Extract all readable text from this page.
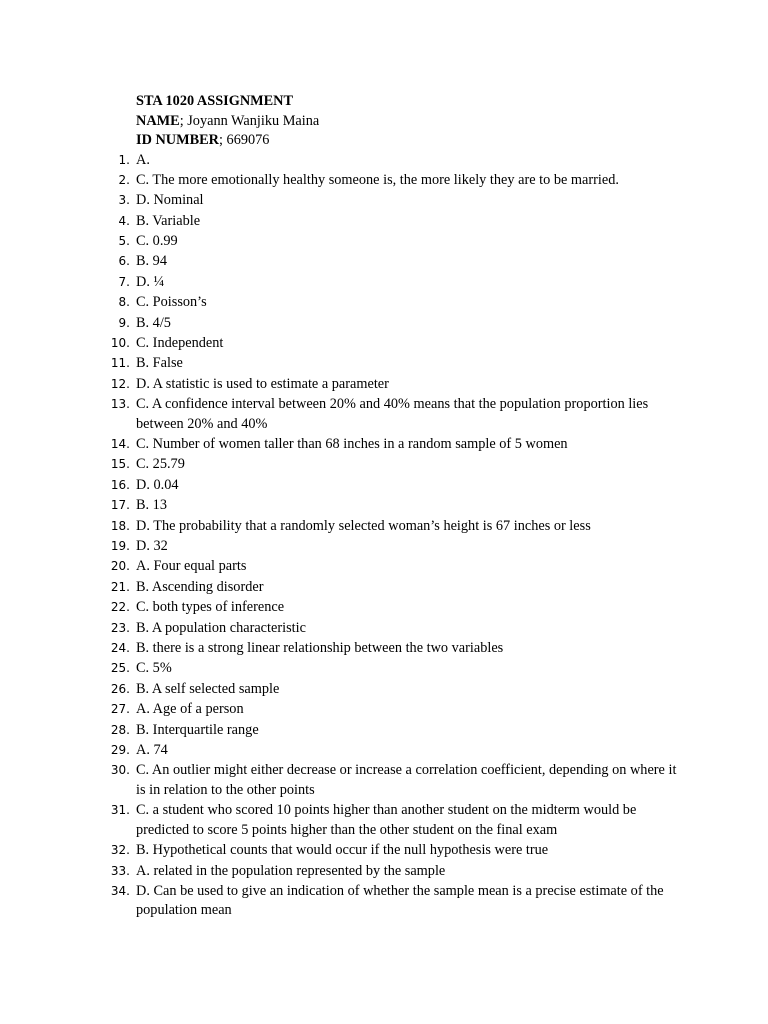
STA 1020 ASSIGNMENT
NAME; Joyann Wanjiku Maina
ID NUMBER; 669076
1. A.
2. C. The more emotionally healthy someone is, the more likely they are to be married.
3. D. Nominal
4. B. Variable
5. C. 0.99
6. B. 94
7. D. ¼
8. C. Poisson’s
9. B. 4/5
10. C. Independent
11. B. False
12. D. A statistic is used to estimate a parameter
13. C. A confidence interval between 20% and 40% means that the population proportion lies between 20% and 40%
14. C. Number of women taller than 68 inches in a random sample of 5 women
15. C. 25.79
16. D. 0.04
17. B. 13
18. D. The probability that a randomly selected woman’s height is 67 inches or less
19. D. 32
20. A. Four equal parts
21. B. Ascending disorder
22. C. both types of inference
23. B. A population characteristic
24. B. there is a strong linear relationship between the two variables
25. C. 5%
26. B. A self selected sample
27. A. Age of a person
28. B. Interquartile range
29. A. 74
30. C. An outlier might either decrease or increase a correlation coefficient, depending on where it is in relation to the other points
31. C. a student who scored 10 points higher than another student on the midterm would be predicted to score 5 points higher than the other student on the final exam
32. B. Hypothetical counts that would occur if the null hypothesis were true
33. A. related in the population represented by the sample
34. D. Can be used to give an indication of whether the sample mean is a precise estimate of the population mean
